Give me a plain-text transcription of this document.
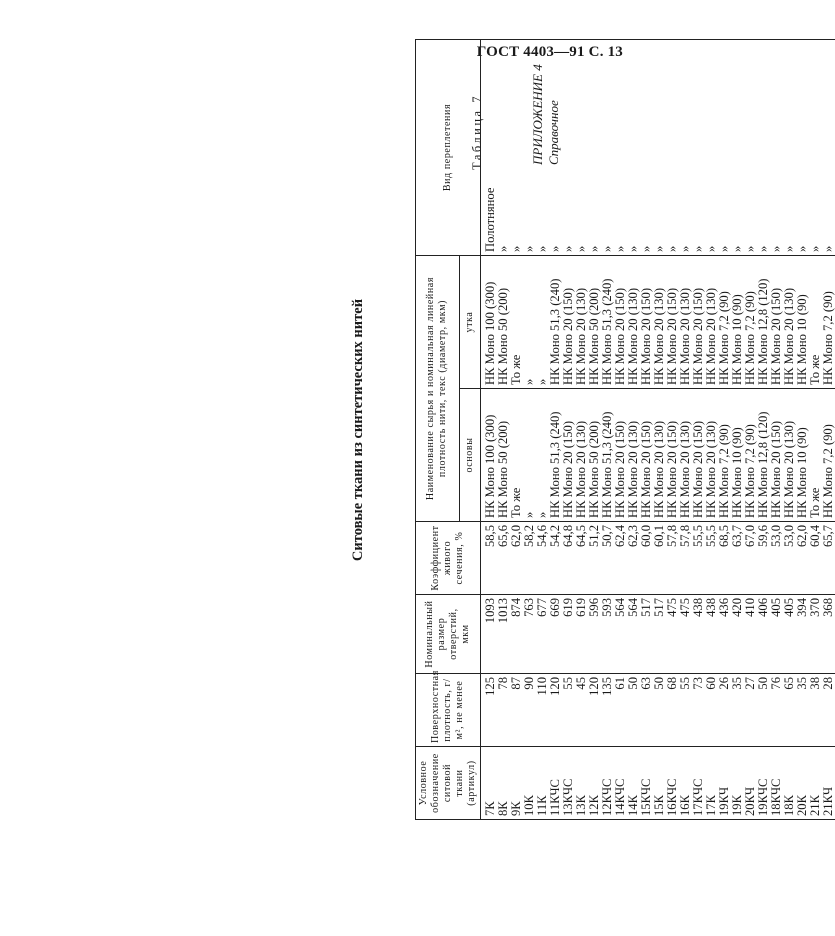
ГОСТ 4403—91 С. 13
ПРИЛОЖЕНИЕ 4 Справочное
Таблица 7
Ситовые ткани из синтетических нитей
Условное обозначение ситовой ткани (артикул)	Поверхностная плотность, г/м², не менее	Номинальный размер отверстий, мкм	Коэффициент живого сечения, %	Наименование сырья и номинальная линейная плотность нити, текс (диаметр, мкм)		Вид переплетения
				основы	утка	
7К	125	1093	58,5	НК Моно 100 (300)	НК Моно 100 (300)	Полотняное
8К	78	1013	65,6	НК Моно 50 (200)	НК Моно 50 (200)	»
9К	87	874	62,0	То же	То же	»
10К	90	763	58,2	»	»	»
11К	110	677	54,6	»	»	»
11КЧС	120	669	54,2	НК Моно 51,3 (240)	НК Моно 51,3 (240)	»
13КЧС	55	619	64,8	НК Моно 20 (150)	НК Моно 20 (150)	»
13К	45	619	64,5	НК Моно 20 (130)	НК Моно 20 (130)	»
12К	120	596	51,2	НК Моно 50 (200)	НК Моно 50 (200)	»
12КЧС	135	593	50,7	НК Моно 51,3 (240)	НК Моно 51,3 (240)	»
14КЧС	61	564	62,4	НК Моно 20 (150)	НК Моно 20 (150)	»
14К	50	564	62,3	НК Моно 20 (130)	НК Моно 20 (130)	»
15КЧС	63	517	60,0	НК Моно 20 (150)	НК Моно 20 (150)	»
15К	50	517	60,1	НК Моно 20 (130)	НК Моно 20 (130)	»
16КЧС	68	475	57,8	НК Моно 20 (150)	НК Моно 20 (150)	»
16К	55	475	57,8	НК Моно 20 (130)	НК Моно 20 (130)	»
17КЧС	73	438	55,5	НК Моно 20 (150)	НК Моно 20 (150)	»
17К	60	438	55,5	НК Моно 20 (130)	НК Моно 20 (130)	»
19КЧ	26	436	68,5	НК Моно 7,2 (90)	НК Моно 7,2 (90)	»
19К	35	420	63,7	НК Моно 10 (90)	НК Моно 10 (90)	»
20КЧ	27	410	67,0	НК Моно 7,2 (90)	НК Моно 7,2 (90)	»
19КЧС	50	406	59,6	НК Моно 12,8 (120)	НК Моно 12,8 (120)	»
18КЧС	76	405	53,0	НК Моно 20 (150)	НК Моно 20 (150)	»
18К	65	405	53,0	НК Моно 20 (130)	НК Моно 20 (130)	»
20К	35	394	62,0	НК Моно 10 (90)	НК Моно 10 (90)	»
21К	38	370	60,4	То же	То же	»
21КЧ	28	368	65,7	НК Моно 7,2 (90)	НК Моно 7,2 (90)	»
